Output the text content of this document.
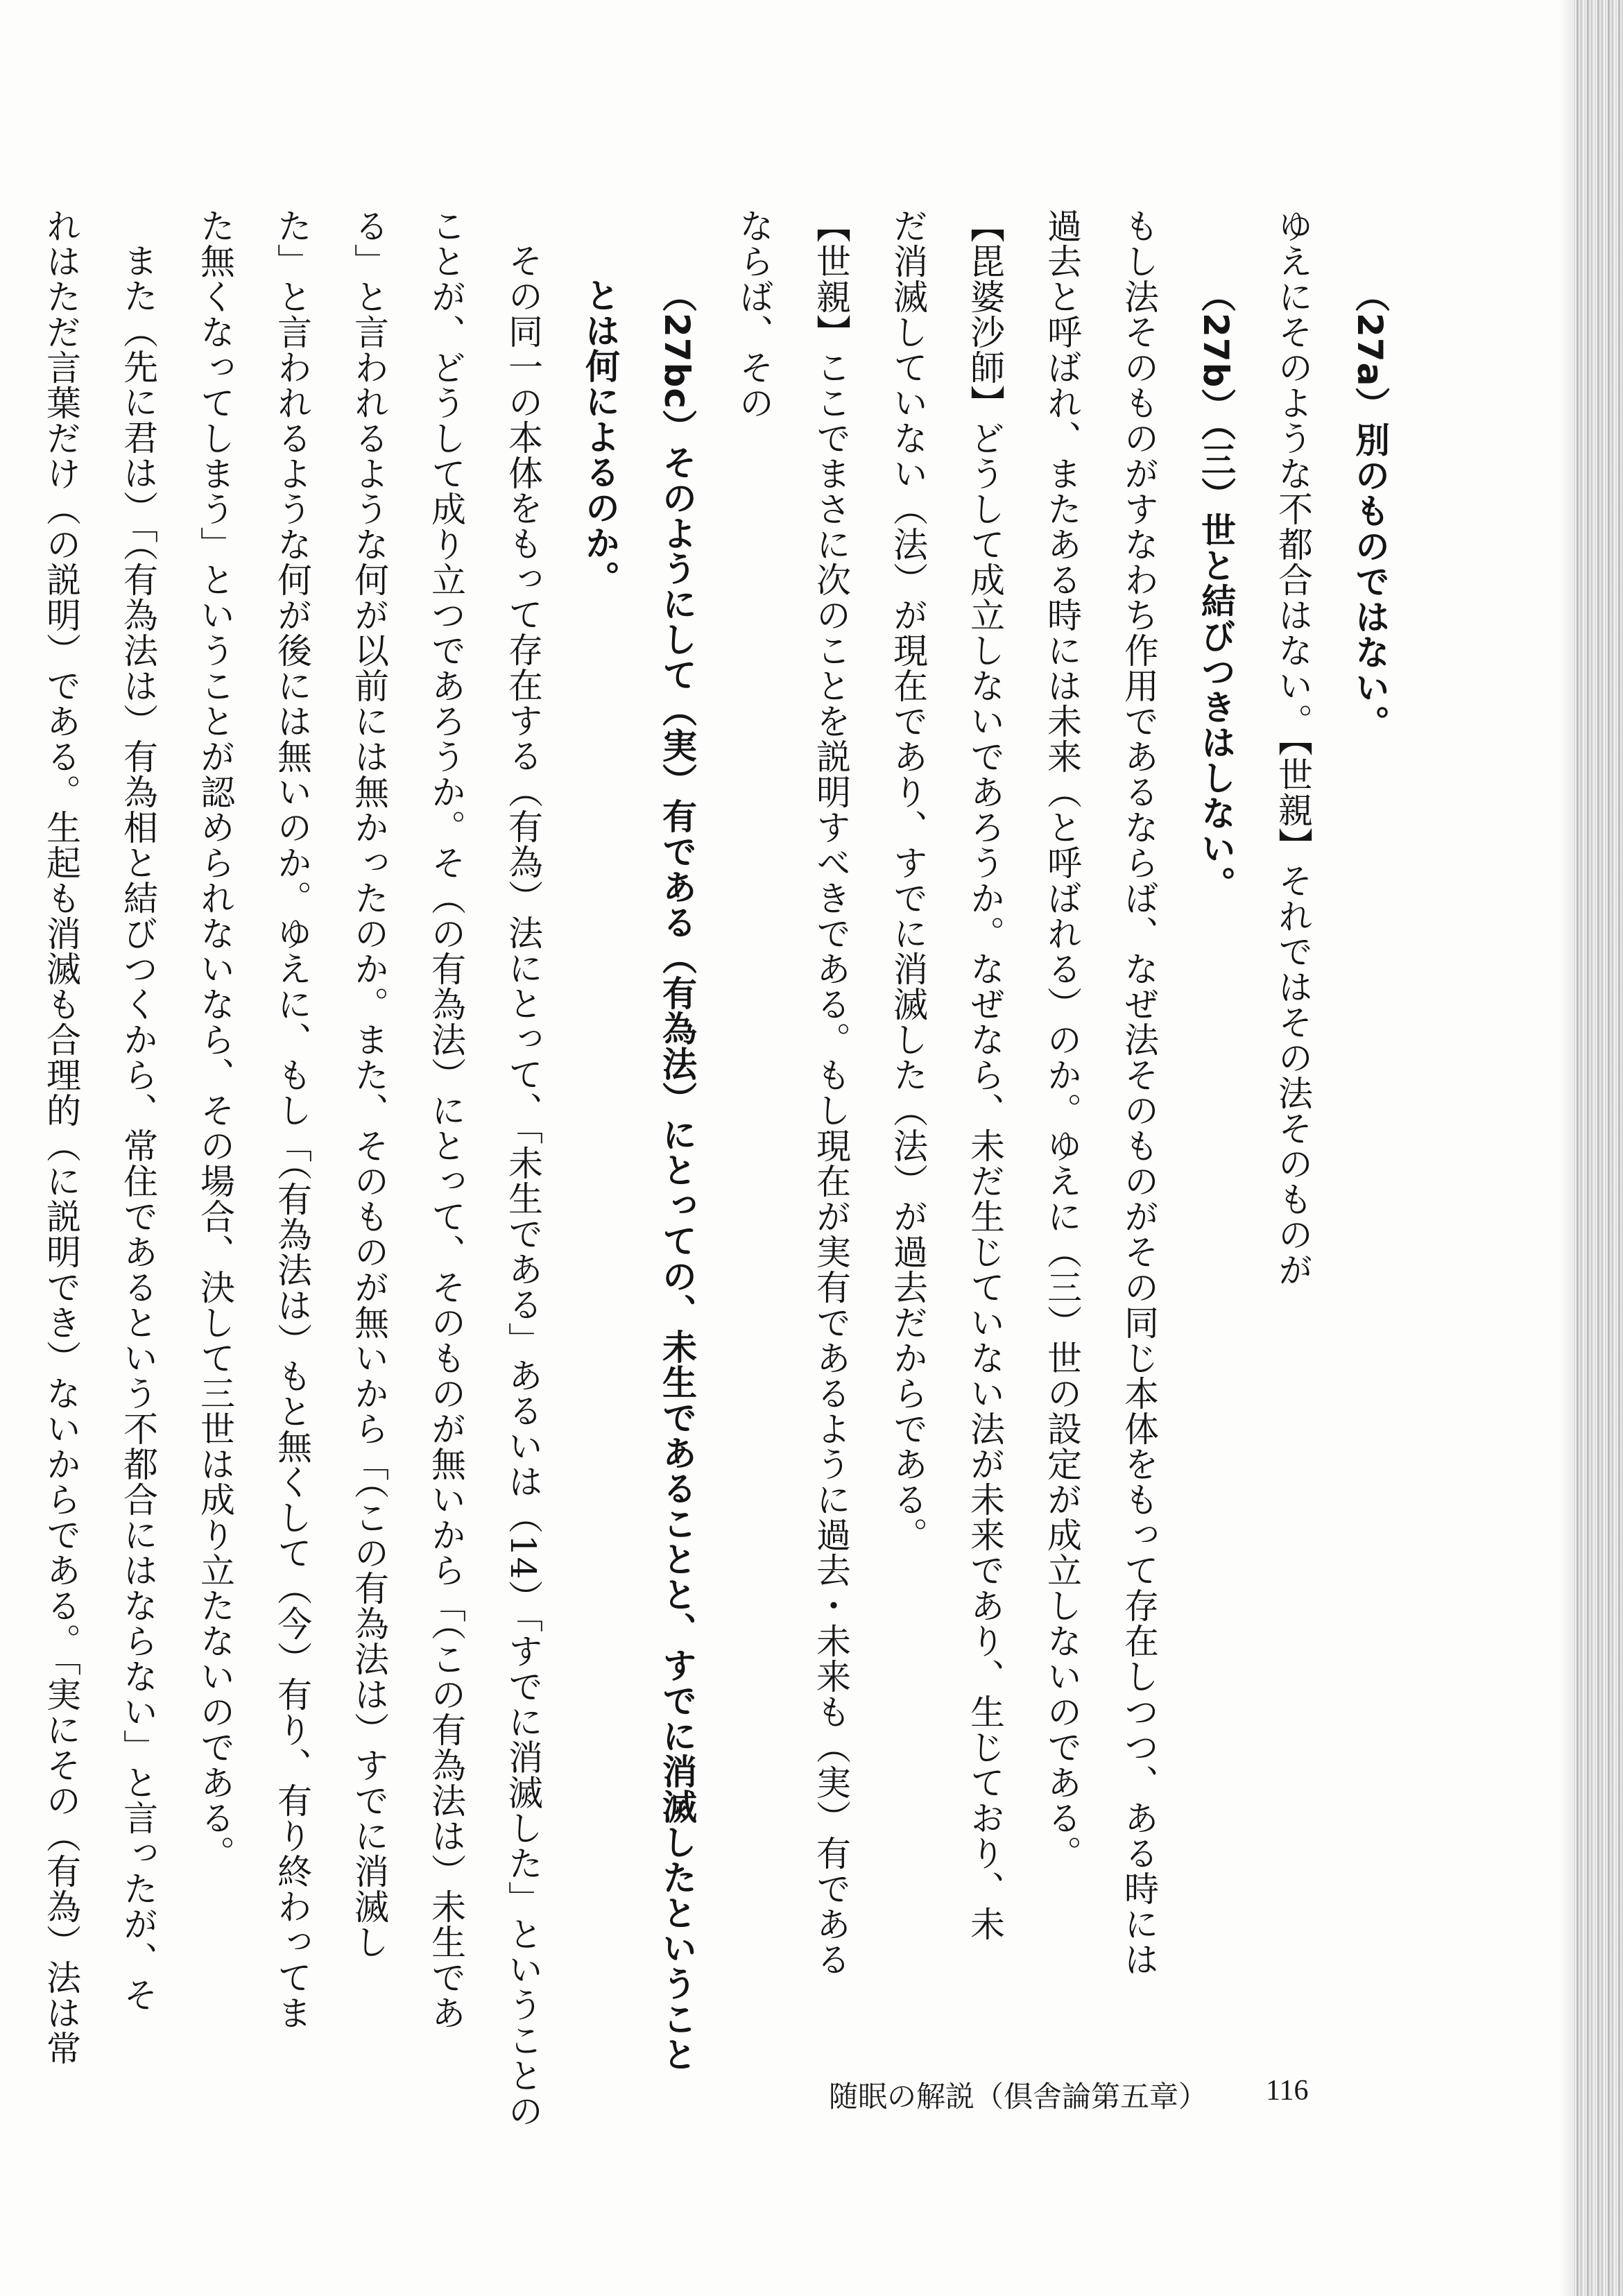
（27a）別のものではない。
ゆえにそのような不都合はない。【世親】それではその法そのものが
（27b）（三）世と結びつきはしない。
もし法そのものがすなわち作用であるならば、なぜ法そのものがその同じ本体をもって存在しつつ、ある時には
過去と呼ばれ、またある時には未来（と呼ばれる）のか。ゆえに（三）世の設定が成立しないのである。
【毘婆沙師】どうして成立しないであろうか。なぜなら、未だ生じていない法が未来であり、生じており、未
だ消滅していない（法）が現在であり、すでに消滅した（法）が過去だからである。
【世親】ここでまさに次のことを説明すべきである。もし現在が実有であるように過去・未来も（実）有である
ならば、その
（27bc）そのようにして（実）有である（有為法）にとっての、未生であることと、すでに消滅したということ
とは何によるのか。
その同一の本体をもって存在する（有為）法にとって、「未生である」あるいは（14）「すでに消滅した」ということの
ことが、どうして成り立つであろうか。そ（の有為法）にとって、そのものが無いから「（この有為法は）未生であ
る」と言われるような何が以前には無かったのか。また、そのものが無いから「（この有為法は）すでに消滅し
た」と言われるような何が後には無いのか。ゆえに、もし「（有為法は）もと無くして（今）有り、有り終わってま
た無くなってしまう」ということが認められないなら、その場合、決して三世は成り立たないのである。
また（先に君は）「（有為法は）有為相と結びつくから、常住であるという不都合にはならない」と言ったが、そ
れはただ言葉だけ（の説明）である。生起も消滅も合理的（に説明でき）ないからである。「実にその（有為）法は常
随眠の解説（倶舎論第五章） 116
